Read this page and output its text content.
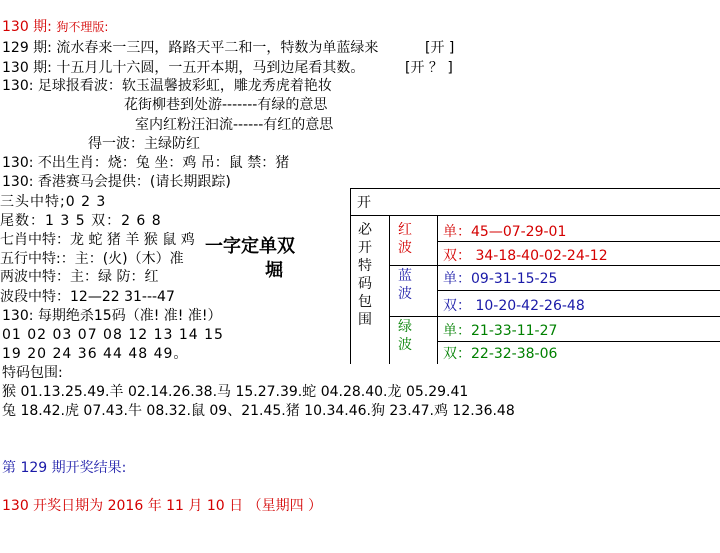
130 期: 狗不理版:
129 期: 流水春来一三四，路路天平二和一，特数为单蓝绿来	[开 ]
130 期: 十五月儿十六圆，一五开本期，马到边尾看其数。	[开 ？ ]
130: 足球报看波：软玉温馨披彩虹，雕龙秀虎着艳妆
花街柳巷到处游-------有绿的意思
室内红粉汪汩流------有红的意思
得一波：主绿防红
130: 不出生肖：烧：兔 坐：鸡 吊：鼠 禁：猪
130: 香港赛马会提供：(请长期跟踪)
三头中特;0 2 3
尾数：1 3 5 双：2 6 8
七肖中特：龙 蛇 猪 羊 猴 鼠 鸡
五行中特:：主：(火)（木）准
两波中特：主：绿 防：红
波段中特：12—22 31---47
一字定单双
堀
130: 每期绝杀15码（准! 准! 准!）
01 02 03 07 08 12 13 14 15
19 20 24 36 44 48 49。
开
必开特码包围
红波
单：45—07-29-01
双： 34-18-40-02-24-12
蓝波
单：09-31-15-25
双： 10-20-42-26-48
绿波
单：21-33-11-27
双：22-32-38-06
特码包围:
猴 01.13.25.49.羊 02.14.26.38.马 15.27.39.蛇 04.28.40.龙 05.29.41
兔 18.42.虎 07.43.牛 08.32.鼠 09、21.45.猪 10.34.46.狗 23.47.鸡 12.36.48
第 129 期开奖结果:
130 开奖日期为 2016 年 11 月 10 日 （星期四 ）
